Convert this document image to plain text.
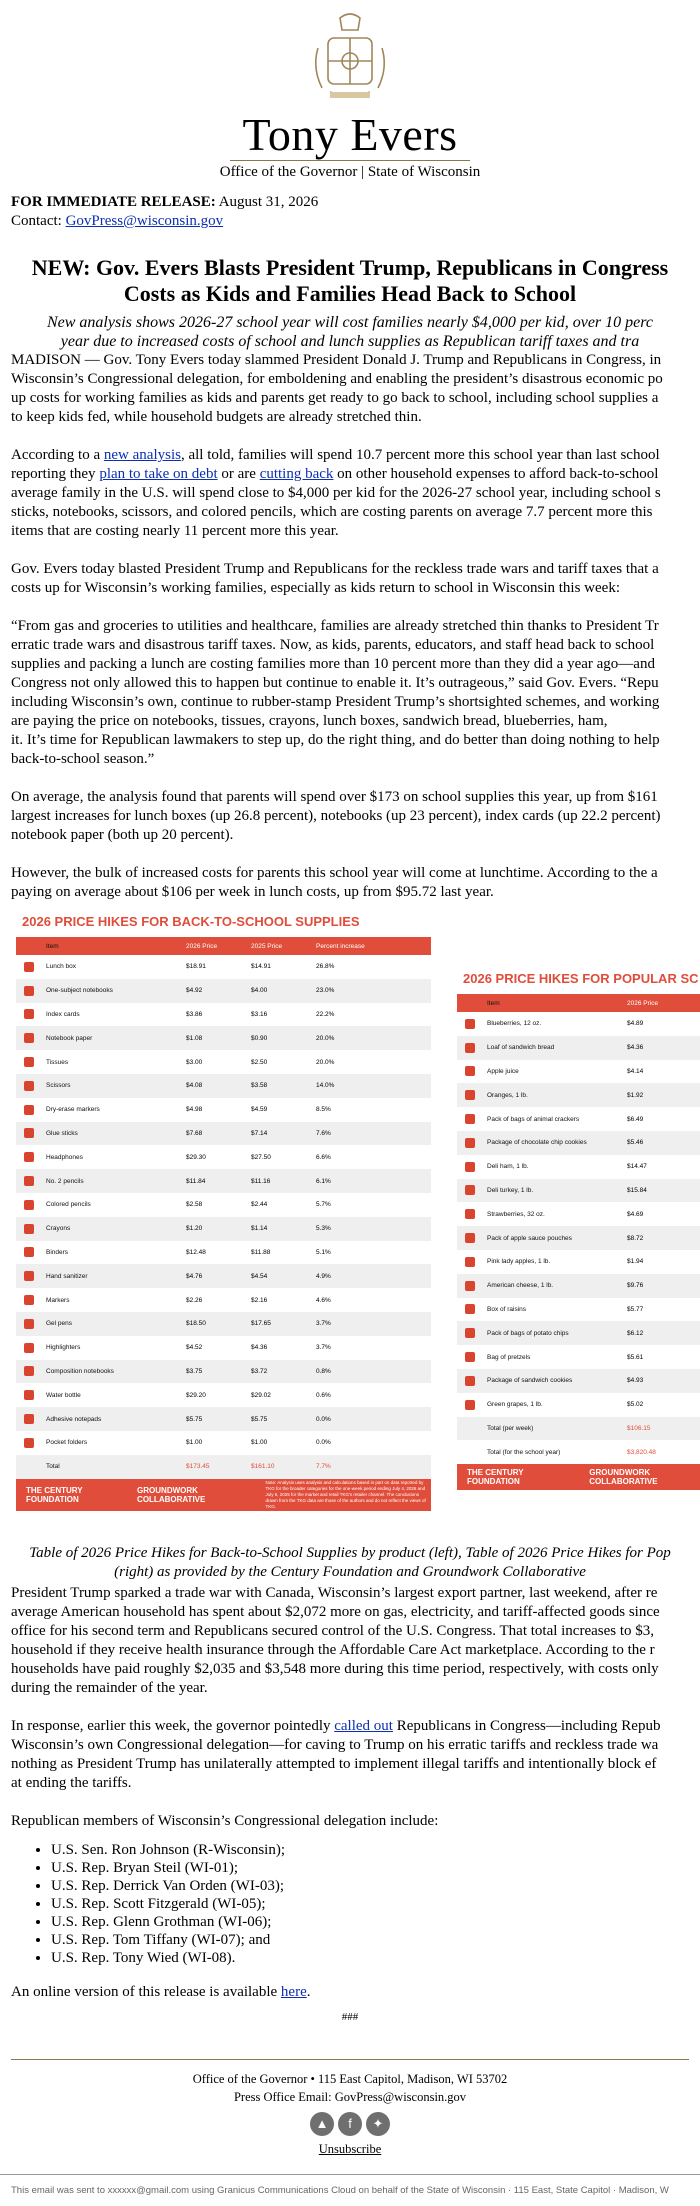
Tony Evers
Office of the Governor | State of Wisconsin
FOR IMMEDIATE RELEASE: August 31, 2026
Contact: GovPress@wisconsin.gov
NEW: Gov. Evers Blasts President Trump, Republicans in Congress
Costs as Kids and Families Head Back to School
New analysis shows 2026-27 school year will cost families nearly $4,000 per kid, over 10 perc
year due to increased costs of school and lunch supplies as Republican tariff taxes and tra

MADISON — Gov. Tony Evers today slammed President Donald J. Trump and Republicans in Congress, in
Wisconsin’s Congressional delegation, for emboldening and enabling the president’s disastrous economic po
up costs for working families as kids and parents get ready to go back to school, including school supplies a
to keep kids fed, while household budgets are already stretched thin.

According to a new analysis, all told, families will spend 10.7 percent more this school year than last school
reporting they plan to take on debt or are cutting back on other household expenses to afford back-to-school
average family in the U.S. will spend close to $4,000 per kid for the 2026-27 school year, including school s
sticks, notebooks, scissors, and colored pencils, which are costing parents on average 7.7 percent more this
items that are costing nearly 11 percent more this year.

Gov. Evers today blasted President Trump and Republicans for the reckless trade wars and tariff taxes that a
costs up for Wisconsin’s working families, especially as kids return to school in Wisconsin this week:

“From gas and groceries to utilities and healthcare, families are already stretched thin thanks to President Tr
erratic trade wars and disastrous tariff taxes. Now, as kids, parents, educators, and staff head back to school
supplies and packing a lunch are costing families more than 10 percent more than they did a year ago—and
Congress not only allowed this to happen but continue to enable it. It’s outrageous,” said Gov. Evers. “Repu
including Wisconsin’s own, continue to rubber-stamp President Trump’s shortsighted schemes, and working
are paying the price on notebooks, tissues, crayons, lunch boxes, sandwich bread, blueberries, ham,
it. It’s time for Republican lawmakers to step up, do the right thing, and do better than doing nothing to help
back-to-school season.”

On average, the analysis found that parents will spend over $173 on school supplies this year, up from $161
largest increases for lunch boxes (up 26.8 percent), notebooks (up 23 percent), index cards (up 22.2 percent)
notebook paper (both up 20 percent).

However, the bulk of increased costs for parents this school year will come at lunchtime. According to the a
paying on average about $106 per week in lunch costs, up from $95.72 last year.

2026 PRICE HIKES FOR BACK-TO-SCHOOL SUPPLIES
Item	2026 Price	2025 Price	Percent increase
Lunch box	$18.91	$14.91	26.8%
One-subject notebooks	$4.92	$4.00	23.0%
Index cards	$3.86	$3.16	22.2%
Notebook paper	$1.08	$0.90	20.0%
Tissues	$3.00	$2.50	20.0%
Scissors	$4.08	$3.58	14.0%
Dry-erase markers	$4.98	$4.59	8.5%
Glue sticks	$7.68	$7.14	7.6%
Headphones	$29.30	$27.50	6.6%
No. 2 pencils	$11.84	$11.16	6.1%
Colored pencils	$2.58	$2.44	5.7%
Crayons	$1.20	$1.14	5.3%
Binders	$12.48	$11.88	5.1%
Hand sanitizer	$4.76	$4.54	4.9%
Markers	$2.26	$2.16	4.6%
Gel pens	$18.50	$17.65	3.7%
Highlighters	$4.52	$4.36	3.7%
Composition notebooks	$3.75	$3.72	0.8%
Water bottle	$29.20	$29.02	0.6%
Adhesive notepads	$5.75	$5.75	0.0%
Pocket folders	$1.00	$1.00	0.0%
Total	$173.45	$161.10	7.7%
THE CENTURY FOUNDATION
GROUNDWORK COLLABORATIVE
Note: Analysis uses analysis and calculations based in part on data reported by TKG for the broader categories for the one-week period ending July 4, 2026 and July 6, 2025 for the market and retail TKG's retailer channel. The conclusions drawn from the TKG data are those of the authors and do not reflect the views of TKG.
2026 PRICE HIKES FOR POPULAR SC
Item	2026 Price
Blueberries, 12 oz.	$4.89
Loaf of sandwich bread	$4.36
Apple juice	$4.14
Oranges, 1 lb.	$1.92
Pack of bags of animal crackers	$6.49
Package of chocolate chip cookies	$5.46
Deli ham, 1 lb.	$14.47
Deli turkey, 1 lb.	$15.84
Strawberries, 32 oz.	$4.69
Pack of apple sauce pouches	$8.72
Pink lady apples, 1 lb.	$1.94
American cheese, 1 lb.	$9.76
Box of raisins	$5.77
Pack of bags of potato chips	$6.12
Bag of pretzels	$5.61
Package of sandwich cookies	$4.93
Green grapes, 1 lb.	$5.02
Total (per week)	$106.15
Total (for the school year)	$3,820.48
THE CENTURY FOUNDATION
GROUNDWORK COLLABORATIVE
Table of 2026 Price Hikes for Back-to-School Supplies by product (left), Table of 2026 Price Hikes for Pop
(right) as provided by the Century Foundation and Groundwork Collaborative

President Trump sparked a trade war with Canada, Wisconsin’s largest export partner, last weekend, after re
average American household has spent about $2,072 more on gas, electricity, and tariff-affected goods since
office for his second term and Republicans secured control of the U.S. Congress. That total increases to $3,
household if they receive health insurance through the Affordable Care Act marketplace. According to the r
households have paid roughly $2,035 and $3,548 more during this time period, respectively, with costs only
during the remainder of the year.

In response, earlier this week, the governor pointedly called out Republicans in Congress—including Repub
Wisconsin’s own Congressional delegation—for caving to Trump on his erratic tariffs and reckless trade wa
nothing as President Trump has unilaterally attempted to implement illegal tariffs and intentionally block ef
at ending the tariffs.

Republican members of Wisconsin’s Congressional delegation include:

• U.S. Sen. Ron Johnson (R-Wisconsin);
• U.S. Rep. Bryan Steil (WI-01);
• U.S. Rep. Derrick Van Orden (WI-03);
• U.S. Rep. Scott Fitzgerald (WI-05);
• U.S. Rep. Glenn Grothman (WI-06);
• U.S. Rep. Tom Tiffany (WI-07); and
• U.S. Rep. Tony Wied (WI-08).

An online version of this release is available here.

###
Office of the Governor • 115 East Capitol, Madison, WI 53702
Press Office Email: GovPress@wisconsin.gov
▲	f	✦
Unsubscribe
This email was sent to xxxxxx@gmail.com using Granicus Communications Cloud on behalf of the State of Wisconsin · 115 East, State Capitol · Madison, W
